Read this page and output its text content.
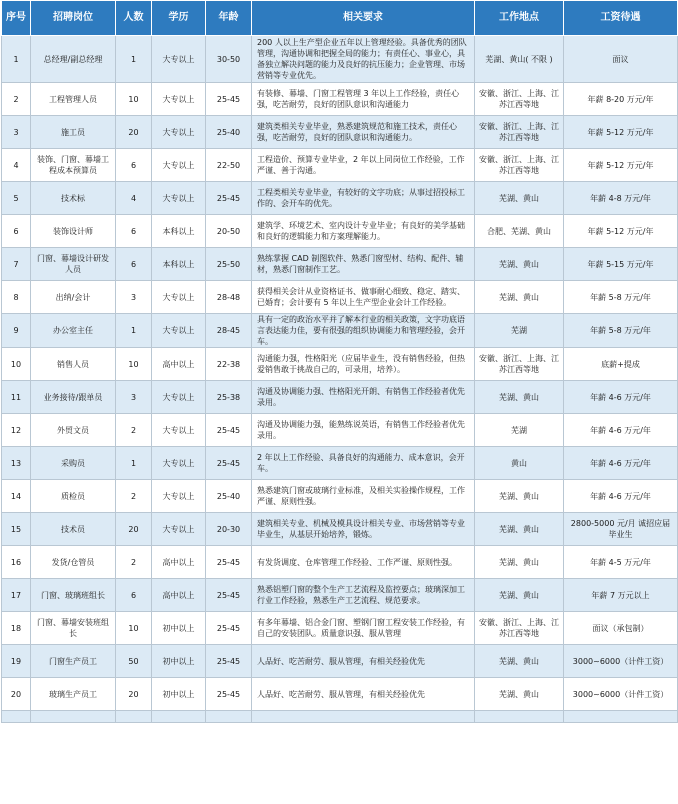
序号	招聘岗位	人数	学历	年龄	相关要求	工作地点	工资待遇
1	总经理/副总经理	1	大专以上	30-50	200 人以上生产型企业五年以上管理经验。具备优秀的团队管理，沟通协调和把握全局的能力；有责任心、事业心，具备独立解决问题的能力及良好的抗压能力；企业管理、市场营销等专业优先。	芜湖、黄山( 不限 )	面议
2	工程管理人员	10	大专以上	25-45	有装修、幕墙、门窗工程管理 3 年以上工作经验，责任心强，吃苦耐劳，良好的团队意识和沟通能力	安徽、浙江、上海、江苏江西等地	年薪 8-20 万元/年
3	施工员	20	大专以上	25-40	建筑类相关专业毕业，熟悉建筑规范和施工技术，责任心强，吃苦耐劳，良好的团队意识和沟通能力。	安徽、浙江、上海、江苏江西等地	年薪 5-12 万元/年
4	装饰、门窗、幕墙工程成本预算员	6	大专以上	22-50	工程造价、预算专业毕业，2 年以上同岗位工作经验，工作严谨、善于沟通。	安徽、浙江、上海、江苏江西等地	年薪 5-12 万元/年
5	技术标	4	大专以上	25-45	工程类相关专业毕业，有较好的文字功底；从事过招投标工作的、会开车的优先。	芜湖、黄山	年薪 4-8 万元/年
6	装饰设计师	6	本科以上	20-50	建筑学、环境艺术、室内设计专业毕业；有良好的美学基础和良好的逻辑能力和方案理解能力。	合肥、芜湖、黄山	年薪 5-12 万元/年
7	门窗、幕墙设计研发人员	6	本科以上	25-50	熟练掌握 CAD 制图软件、熟悉门窗型材、结构、配件、辅材，熟悉门窗制作工艺。	芜湖、黄山	年薪 5-15 万元/年
8	出纳/会计	3	大专以上	28-48	获得相关会计从业资格证书、做事耐心细致、稳定、踏实、已婚育；会计要有 5 年以上生产型企业会计工作经验。	芜湖、黄山	年薪 5-8 万元/年
9	办公室主任	1	大专以上	28-45	具有一定的政治水平并了解本行业的相关政策，文字功底语言表达能力佳，要有很强的组织协调能力和管理经验，会开车。	芜湖	年薪 5-8 万元/年
10	销售人员	10	高中以上	22-38	沟通能力强，性格阳光（应届毕业生，没有销售经验，但热爱销售敢于挑战自己的，可录用，培养）。	安徽、浙江、上海、江苏江西等地	底薪+提成
11	业务接待/跟单员	3	大专以上	25-38	沟通及协调能力强、性格阳光开朗、有销售工作经验者优先录用。	芜湖、黄山	年薪 4-6 万元/年
12	外贸文员	2	大专以上	25-45	沟通及协调能力强，能熟练说英语，有销售工作经验者优先录用。	芜湖	年薪 4-6 万元/年
13	采购员	1	大专以上	25-45	2 年以上工作经验、具备良好的沟通能力、成本意识，会开车。	黄山	年薪 4-6 万元/年
14	质检员	2	大专以上	25-40	熟悉建筑门窗或玻璃行业标准，及相关实验操作规程，工作严谨、原则性强。	芜湖、黄山	年薪 4-6 万元/年
15	技术员	20	大专以上	20-30	建筑相关专业、机械及模具设计相关专业、市场营销等专业毕业生，从基层开始培养，锻炼。	芜湖、黄山	2800-5000 元/月 诚招应届毕业生
16	发货/仓管员	2	高中以上	25-45	有发货调度、仓库管理工作经验、工作严谨、原则性强。	芜湖、黄山	年薪 4-5 万元/年
17	门窗、玻璃班组长	6	高中以上	25-45	熟悉铝塑门窗的整个生产工艺流程及监控要点；玻璃深加工行业工作经验，熟悉生产工艺流程、规范要求。	芜湖、黄山	年薪 7 万元以上
18	门窗、幕墙安装班组长	10	初中以上	25-45	有多年幕墙、铝合金门窗、塑钢门窗工程安装工作经验，有自己的安装团队。质量意识强、服从管理	安徽、浙江、上海、江苏江西等地	面议（承包制）
19	门窗生产员工	50	初中以上	25-45	人品好、吃苦耐劳、服从管理，有相关经验优先	芜湖、黄山	3000~6000（计件工资）
20	玻璃生产员工	20	初中以上	25-45	人品好、吃苦耐劳、服从管理，有相关经验优先	芜湖、黄山	3000~6000（计件工资）
